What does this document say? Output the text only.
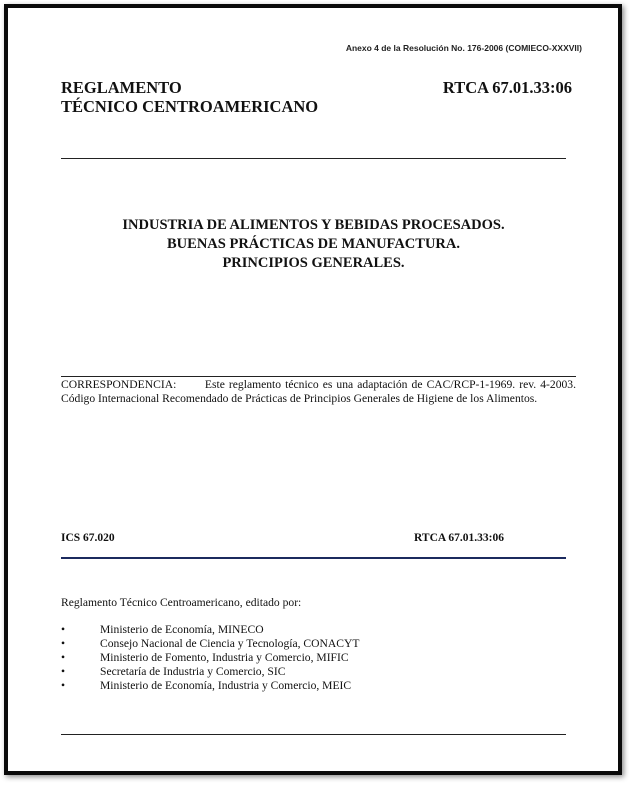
Anexo 4 de la Resolución No. 176-2006 (COMIECO-XXXVII)
REGLAMENTO
TÉCNICO CENTROAMERICANO
RTCA 67.01.33:06
INDUSTRIA DE ALIMENTOS Y BEBIDAS PROCESADOS.
BUENAS PRÁCTICAS DE MANUFACTURA.
PRINCIPIOS GENERALES.
CORRESPONDENCIA: Este reglamento técnico es una adaptación de CAC/RCP-1-1969. rev. 4-2003. Código Internacional Recomendado de Prácticas de Principios Generales de Higiene de los Alimentos.
ICS 67.020	RTCA 67.01.33:06
Reglamento Técnico Centroamericano, editado por:
•	Ministerio de Economía, MINECO
•	Consejo Nacional de Ciencia y Tecnología, CONACYT
•	Ministerio de Fomento, Industria y Comercio, MIFIC
•	Secretaría de Industria y Comercio, SIC
•	Ministerio de Economía, Industria y Comercio, MEIC
